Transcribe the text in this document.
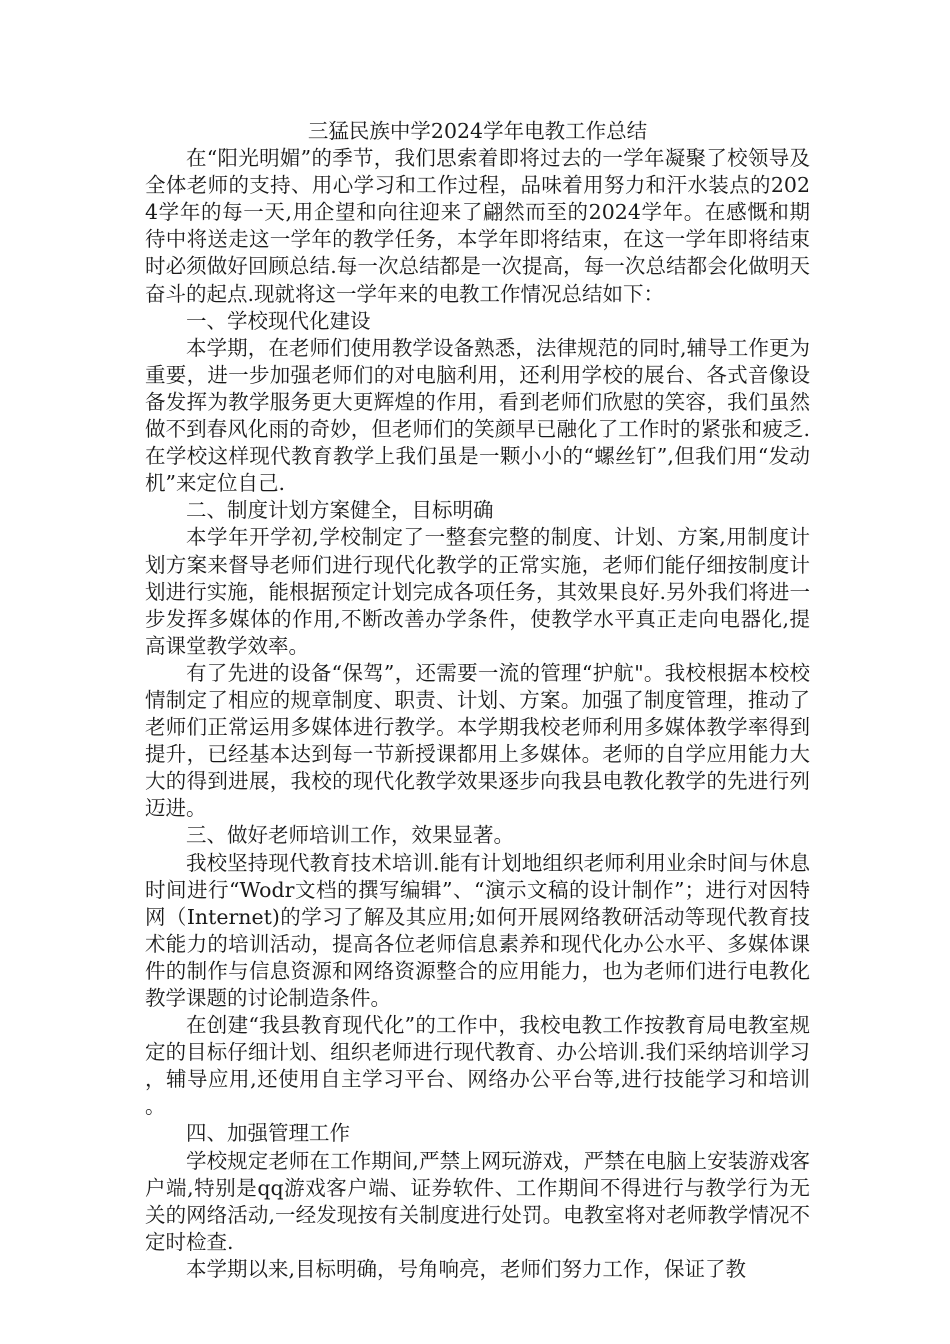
三猛民族中学2024学年电教工作总结

在“阳光明媚”的季节，我们思索着即将过去的一学年凝聚了校领导及全体老师的支持、用心学习和工作过程，品味着用努力和汗水装点的2024学年的每一天,用企望和向往迎来了翩然而至的2024学年。在感慨和期待中将送走这一学年的教学任务，本学年即将结束，在这一学年即将结束时必须做好回顾总结.每一次总结都是一次提高，每一次总结都会化做明天奋斗的起点.现就将这一学年来的电教工作情况总结如下：

一、学校现代化建设

本学期，在老师们使用教学设备熟悉，法律规范的同时,辅导工作更为重要，进一步加强老师们的对电脑利用，还利用学校的展台、各式音像设备发挥为教学服务更大更辉煌的作用，看到老师们欣慰的笑容，我们虽然做不到春风化雨的奇妙，但老师们的笑颜早已融化了工作时的紧张和疲乏. 在学校这样现代教育教学上我们虽是一颗小小的“螺丝钉”,但我们用“发动机”来定位自己.

二、制度计划方案健全，目标明确

本学年开学初,学校制定了一整套完整的制度、计划、方案,用制度计划方案来督导老师们进行现代化教学的正常实施，老师们能仔细按制度计划进行实施，能根据预定计划完成各项任务，其效果良好.另外我们将进一步发挥多媒体的作用,不断改善办学条件，使教学水平真正走向电器化,提高课堂教学效率。

有了先进的设备“保驾”，还需要一流的管理“护航"。我校根据本校校情制定了相应的规章制度、职责、计划、方案。加强了制度管理，推动了老师们正常运用多媒体进行教学。本学期我校老师利用多媒体教学率得到提升，已经基本达到每一节新授课都用上多媒体。老师的自学应用能力大大的得到进展，我校的现代化教学效果逐步向我县电教化教学的先进行列迈进。

三、做好老师培训工作，效果显著。

我校坚持现代教育技术培训.能有计划地组织老师利用业余时间与休息时间进行“Wodr文档的撰写编辑”、“演示文稿的设计制作”；进行对因特网（Internet)的学习了解及其应用;如何开展网络教研活动等现代教育技术能力的培训活动，提高各位老师信息素养和现代化办公水平、多媒体课件的制作与信息资源和网络资源整合的应用能力，也为老师们进行电教化教学课题的讨论制造条件。

在创建“我县教育现代化”的工作中，我校电教工作按教育局电教室规定的目标仔细计划、组织老师进行现代教育、办公培训.我们采纳培训学习，辅导应用,还使用自主学习平台、网络办公平台等,进行技能学习和培训。

四、加强管理工作

学校规定老师在工作期间,严禁上网玩游戏，严禁在电脑上安装游戏客户端,特别是qq游戏客户端、证券软件、工作期间不得进行与教学行为无关的网络活动,一经发现按有关制度进行处罚。电教室将对老师教学情况不定时检查.

本学期以来,目标明确，号角响亮，老师们努力工作，保证了教
